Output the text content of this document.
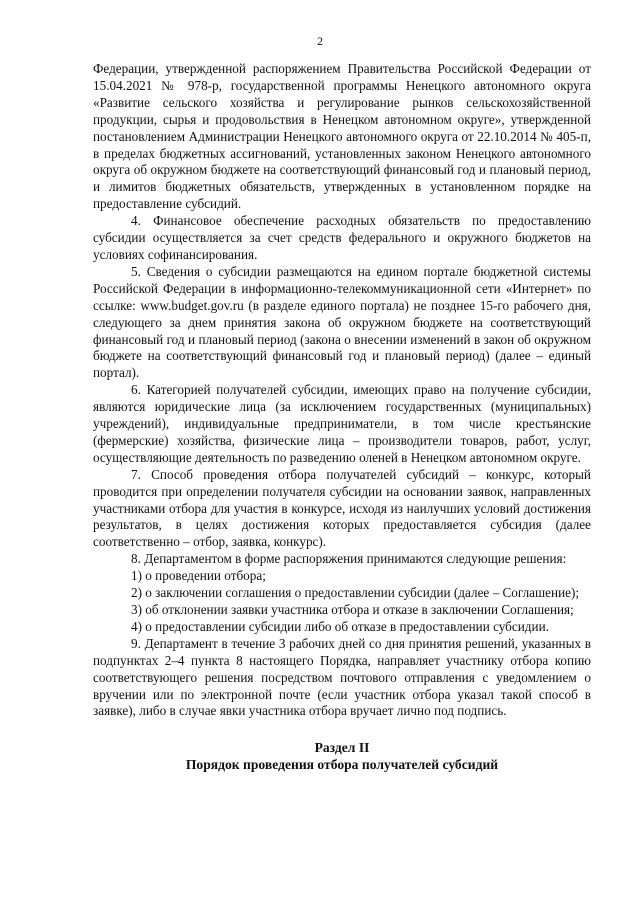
2

Федерации, утвержденной распоряжением Правительства Российской Федерации от 15.04.2021 № 978-р, государственной программы Ненецкого автономного округа «Развитие сельского хозяйства и регулирование рынков сельскохозяйственной продукции, сырья и продовольствия в Ненецком автономном округе», утвержденной постановлением Администрации Ненецкого автономного округа от 22.10.2014 № 405-п, в пределах бюджетных ассигнований, установленных законом Ненецкого автономного округа об окружном бюджете на соответствующий финансовый год и плановый период, и лимитов бюджетных обязательств, утвержденных в установленном порядке на предоставление субсидий.

4. Финансовое обеспечение расходных обязательств по предоставлению субсидии осуществляется за счет средств федерального и окружного бюджетов на условиях софинансирования.

5. Сведения о субсидии размещаются на едином портале бюджетной системы Российской Федерации в информационно-телекоммуникационной сети «Интернет» по ссылке: www.budget.gov.ru (в разделе единого портала) не позднее 15-го рабочего дня, следующего за днем принятия закона об окружном бюджете на соответствующий финансовый год и плановый период (закона о внесении изменений в закон об окружном бюджете на соответствующий финансовый год и плановый период) (далее – единый портал).

6. Категорией получателей субсидии, имеющих право на получение субсидии, являются юридические лица (за исключением государственных (муниципальных) учреждений), индивидуальные предприниматели, в том числе крестьянские (фермерские) хозяйства, физические лица – производители товаров, работ, услуг, осуществляющие деятельность по разведению оленей в Ненецком автономном округе.

7. Способ проведения отбора получателей субсидий – конкурс, который проводится при определении получателя субсидии на основании заявок, направленных участниками отбора для участия в конкурсе, исходя из наилучших условий достижения результатов, в целях достижения которых предоставляется субсидия (далее соответственно – отбор, заявка, конкурс).

8. Департаментом в форме распоряжения принимаются следующие решения:

1) о проведении отбора;

2) о заключении соглашения о предоставлении субсидии (далее – Соглашение);

3) об отклонении заявки участника отбора и отказе в заключении Соглашения;

4) о предоставлении субсидии либо об отказе в предоставлении субсидии.

9. Департамент в течение 3 рабочих дней со дня принятия решений, указанных в подпунктах 2–4 пункта 8 настоящего Порядка, направляет участнику отбора копию соответствующего решения посредством почтового отправления с уведомлением о вручении или по электронной почте (если участник отбора указал такой способ в заявке), либо в случае явки участника отбора вручает лично под подпись.

Раздел II
Порядок проведения отбора получателей субсидий
